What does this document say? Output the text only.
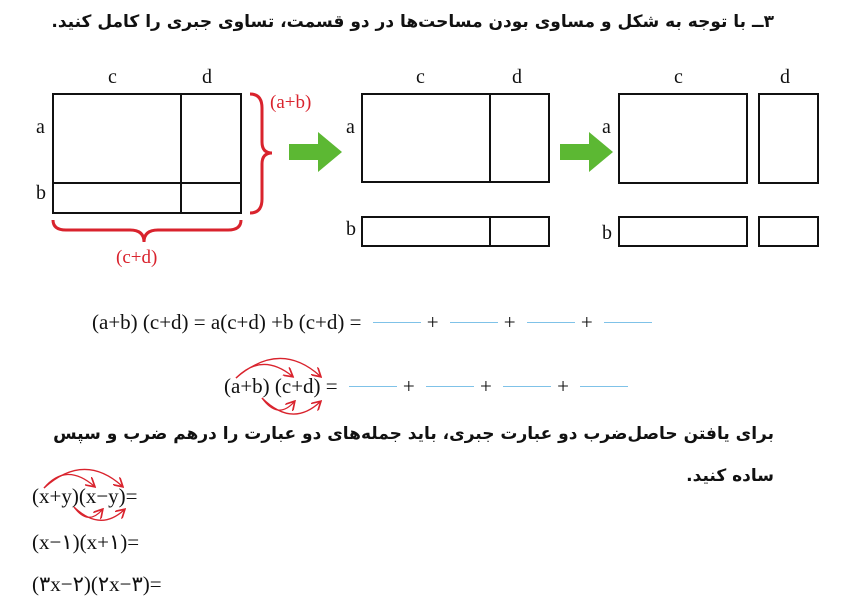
۳ــ با توجه به شکل و مساوی بودن مساحت‌ها در دو قسمت، تساوی جبری را کامل کنید.
c	d
a
b
(a+b)
(c+d)
c	d
a
b
c	d
a
b
(a+b) (c+d) = a(c+d) +b (c+d) =	+	+	+
(a+b) (c+d) =	+	+	+
برای یافتن حاصل‌ضرب دو عبارت جبری، باید جمله‌های دو عبارت را درهم ضرب و سپس
ساده کنید.
(x+y)(x−y)=
(x−۱)(x+۱)=
(۳x−۲)(۲x−۳)=
